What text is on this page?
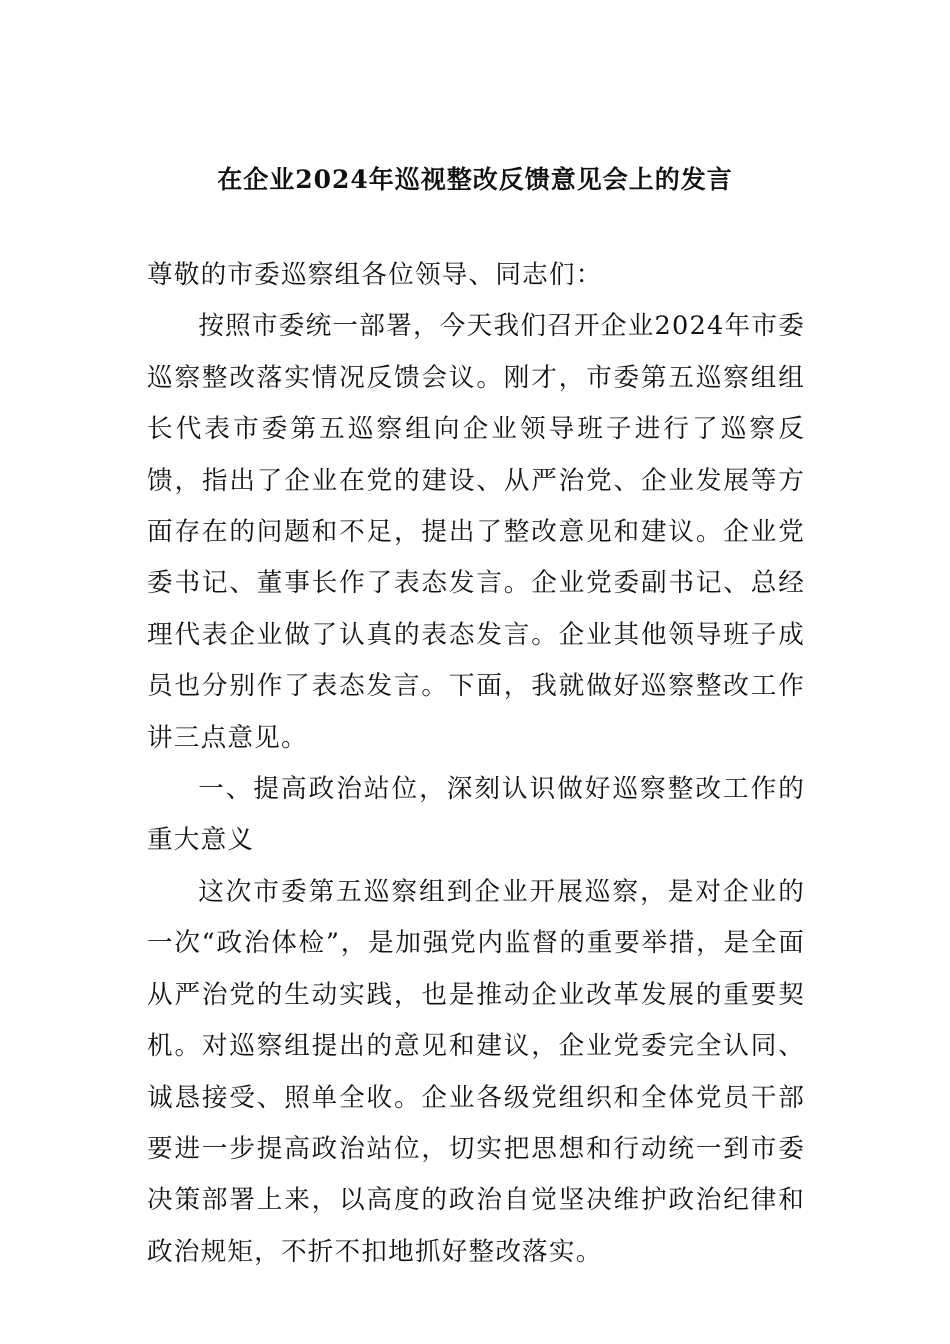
在企业2024年巡视整改反馈意见会上的发言

尊敬的市委巡察组各位领导、同志们：

按照市委统一部署，今天我们召开企业2024年市委巡察整改落实情况反馈会议。刚才，市委第五巡察组组长代表市委第五巡察组向企业领导班子进行了巡察反馈，指出了企业在党的建设、从严治党、企业发展等方面存在的问题和不足，提出了整改意见和建议。企业党委书记、董事长作了表态发言。企业党委副书记、总经理代表企业做了认真的表态发言。企业其他领导班子成员也分别作了表态发言。下面，我就做好巡察整改工作讲三点意见。

一、提高政治站位，深刻认识做好巡察整改工作的重大意义

这次市委第五巡察组到企业开展巡察，是对企业的一次“政治体检”，是加强党内监督的重要举措，是全面从严治党的生动实践，也是推动企业改革发展的重要契机。对巡察组提出的意见和建议，企业党委完全认同、诚恳接受、照单全收。企业各级党组织和全体党员干部要进一步提高政治站位，切实把思想和行动统一到市委决策部署上来，以高度的政治自觉坚决维护政治纪律和政治规矩，不折不扣地抓好整改落实。
